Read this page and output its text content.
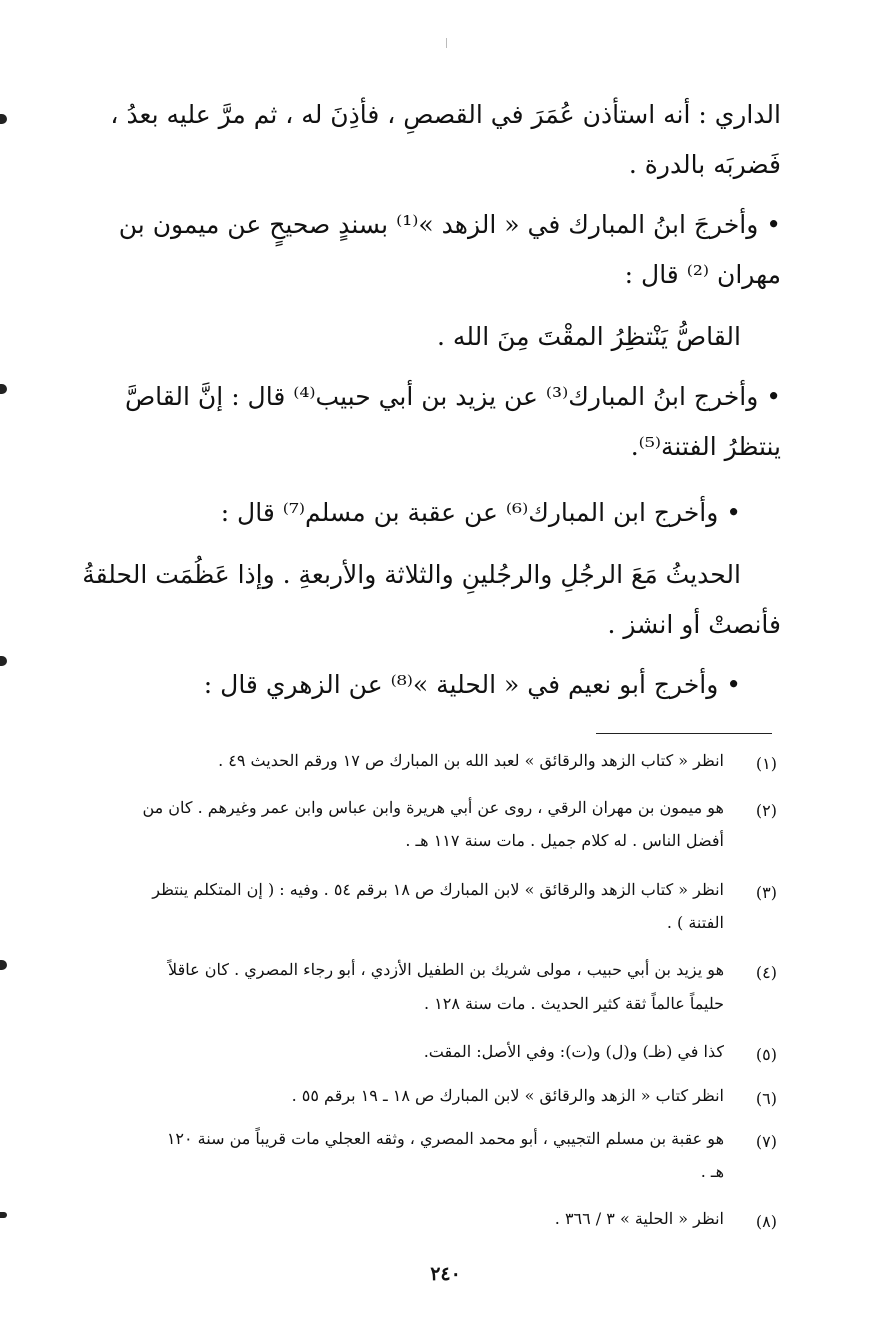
الداري : أنه استأذن عُمَرَ في القصصِ ، فأذِنَ له ، ثم مرَّ عليه بعدُ ،
فَضربَه بالدرة .
• وأخرجَ ابنُ المبارك في « الزهد »⁽¹⁾ بسندٍ صحيحٍ عن ميمون بن
مهران ⁽²⁾ قال :
القاصُّ يَنْتظِرُ المقْتَ مِنَ الله .
• وأخرج ابنُ المبارك⁽³⁾ عن يزيد بن أبي حبيب⁽⁴⁾ قال : إنَّ القاصَّ
ينتظرُ الفتنة⁽⁵⁾.
• وأخرج ابن المبارك⁽⁶⁾ عن عقبة بن مسلم⁽⁷⁾ قال :
الحديثُ مَعَ الرجُلِ والرجُلينِ والثلاثة والأربعةِ . وإذا عَظُمَت الحلقةُ
فأنصتْ أو انشز .
• وأخرج أبو نعيم في « الحلية »⁽⁸⁾ عن الزهري قال :
(١)
انظر « كتاب الزهد والرقائق » لعبد الله بن المبارك ص ١٧ ورقم الحديث ٤٩ .
(٢)
هو ميمون بن مهران الرقي ، روى عن أبي هريرة وابن عباس وابن عمر وغيرهم . كان من
أفضل الناس . له كلام جميل . مات سنة ١١٧ هـ .
(٣)
انظر « كتاب الزهد والرقائق » لابن المبارك ص ١٨ برقم ٥٤ . وفيه : ( إن المتكلم ينتظر
الفتنة ) .
(٤)
هو يزيد بن أبي حبيب ، مولى شريك بن الطفيل الأزدي ، أبو رجاء المصري . كان عاقلاً
حليماً عالماً ثقة كثير الحديث . مات سنة ١٢٨ .
(٥)
كذا في (ظـ) و(ل) و(ت): وفي الأصل: المقت.
(٦)
انظر كتاب « الزهد والرقائق » لابن المبارك ص ١٨ ـ ١٩ برقم ٥٥ .
(٧)
هو عقبة بن مسلم التجيبي ، أبو محمد المصري ، وثقه العجلي مات قريباً من سنة ١٢٠
هـ .
(٨)
انظر « الحلية » ٣ / ٣٦٦ .
٢٤٠
